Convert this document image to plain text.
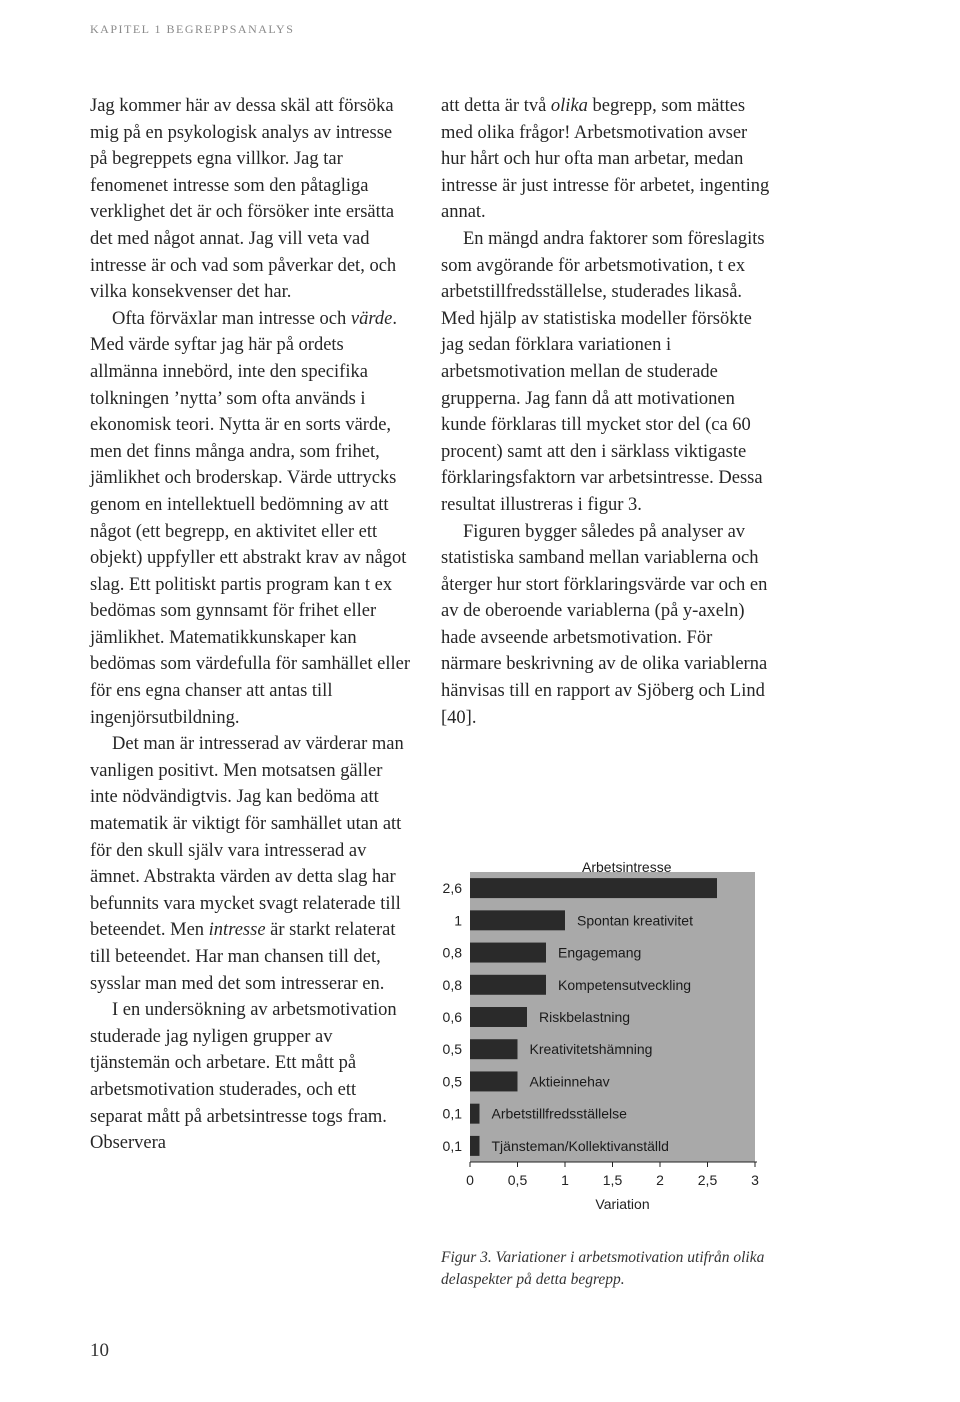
KAPITEL 1 BEGREPPSANALYS

Jag kommer här av dessa skäl att försöka mig på en psykologisk analys av intresse på begreppets egna villkor. Jag tar fenomenet intresse som den påtagliga verklighet det är och försöker inte ersätta det med något annat. Jag vill veta vad intresse är och vad som påverkar det, och vilka konsekvenser det har.

Ofta förväxlar man intresse och värde. Med värde syftar jag här på ordets allmänna innebörd, inte den specifika tolkningen ’nytta’ som ofta används i ekonomisk teori. Nytta är en sorts värde, men det finns många andra, som frihet, jämlikhet och broderskap. Värde uttrycks genom en intellektuell bedömning av att något (ett begrepp, en aktivitet eller ett objekt) uppfyller ett abstrakt krav av något slag. Ett politiskt partis program kan t ex bedömas som gynnsamt för frihet eller jämlikhet. Matematikkunskaper kan bedömas som värdefulla för samhället eller för ens egna chanser att antas till ingenjörsutbildning.

Det man är intresserad av värderar man vanligen positivt. Men motsatsen gäller inte nödvändigtvis. Jag kan bedöma att matematik är viktigt för samhället utan att för den skull själv vara intresserad av ämnet. Abstrakta värden av detta slag har befunnits vara mycket svagt relaterade till beteendet. Men intresse är starkt relaterat till beteendet. Har man chansen till det, sysslar man med det som intresserar en.

I en undersökning av arbetsmotivation studerade jag nyligen grupper av tjänstemän och arbetare. Ett mått på arbetsmotivation studerades, och ett separat mått på arbetsintresse togs fram. Observera

att detta är två olika begrepp, som mättes med olika frågor! Arbetsmotivation avser hur hårt och hur ofta man arbetar, medan intresse är just intresse för arbetet, ingenting annat.

En mängd andra faktorer som föreslagits som avgörande för arbetsmotivation, t ex arbetstillfredsställelse, studerades likaså. Med hjälp av statistiska modeller försökte jag sedan förklara variationen i arbetsmotivation mellan de studerade grupperna. Jag fann då att motivationen kunde förklaras till mycket stor del (ca 60 procent) samt att den i särklass viktigaste förklaringsfaktorn var arbetsintresse. Dessa resultat illustreras i figur 3.

Figuren bygger således på analyser av statistiska samband mellan variablerna och återger hur stort förklaringsvärde var och en av de oberoende variablerna (på y-axeln) hade avseende arbetsmotivation. För närmare beskrivning av de olika variablerna hänvisas till en rapport av Sjöberg och Lind [40].

2,6
Arbetsintresse
1	Spontan kreativitet
0,8	Engagemang
0,8	Kompetensutveckling
0,6	Riskbelastning
0,5	Kreativitetshämning
0,5	Aktieinnehav
0,1 Arbetstillfredsställelse
0,1 Tjänsteman/Kollektivanställd
0 0,5 1 1,5 2 2,5 3
Variation
Figur 3. Variationer i arbetsmotivation utifrån olika delaspekter på detta begrepp.
10
